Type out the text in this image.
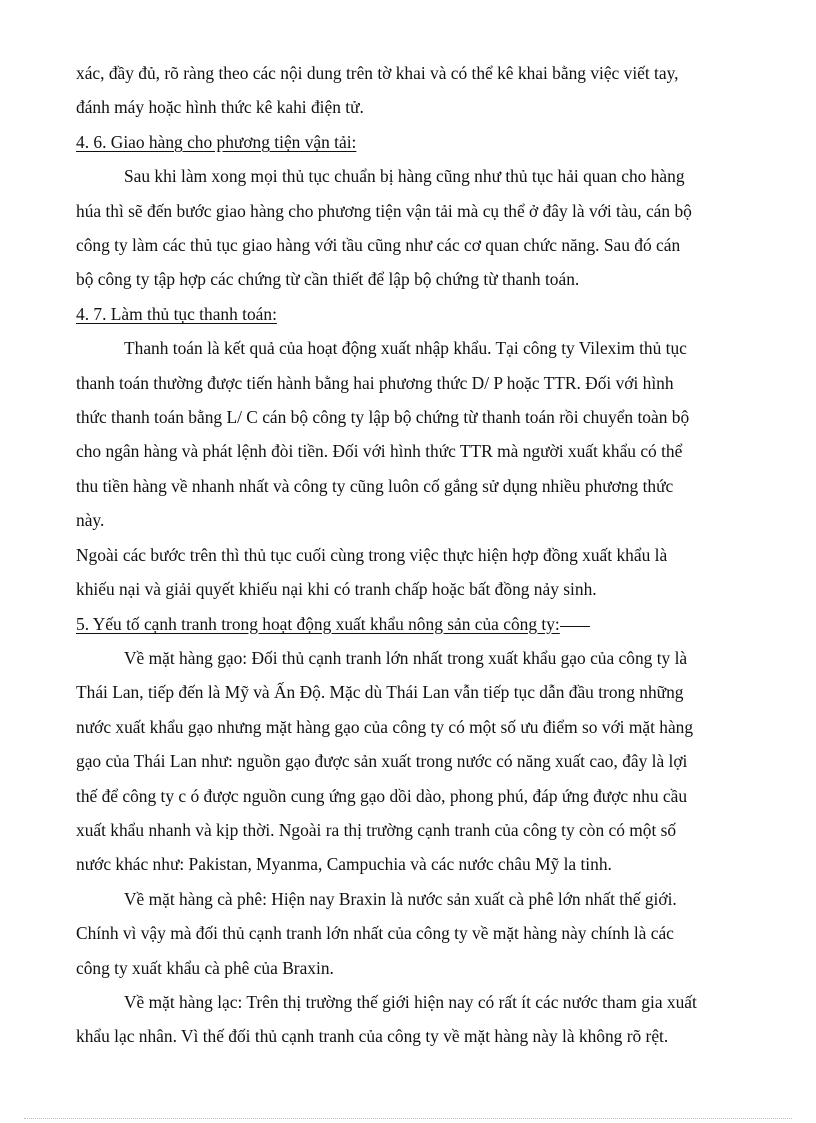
xác, đầy đủ, rõ ràng theo các nội dung trên tờ khai và có thể kê khai bằng việc viết tay,
đánh máy hoặc hình thức kê kahi điện tử.
4. 6. Giao hàng cho phương tiện vận tải:
Sau khi làm xong mọi thủ tục chuẩn bị hàng cũng như thủ tục hải quan cho hàng
húa thì sẽ đến bước giao hàng cho phương tiện vận tải mà cụ thể ở đây là với tàu, cán bộ
công ty làm các thủ tục giao hàng với tầu cũng như các cơ quan chức năng. Sau đó cán
bộ công ty tập hợp các chứng từ cần thiết để lập bộ chứng từ thanh toán.
4. 7. Làm thủ tục thanh toán:
Thanh toán là kết quả của hoạt động xuất nhập khẩu. Tại công ty Vilexim thủ tục
thanh toán thường được tiến hành bằng hai phương thức D/ P hoặc TTR. Đối với hình
thức thanh toán bằng L/ C cán bộ công ty lập bộ chứng từ thanh toán rồi chuyển toàn bộ
cho ngân hàng và phát lệnh đòi tiền. Đối với hình thức TTR mà người xuất khẩu có thể
thu tiền hàng về nhanh nhất và công ty cũng luôn cố gắng sử dụng nhiều phương thức
này.
Ngoài các bước trên thì thủ tục cuối cùng trong việc thực hiện hợp đồng xuất khẩu là
khiếu nại và giải quyết khiếu nại khi có tranh chấp hoặc bất đồng nảy sinh.
5. Yếu tố cạnh tranh trong hoạt động xuất khẩu nông sản của công ty:
Về mặt hàng gạo: Đối thủ cạnh tranh lớn nhất trong xuất khẩu gạo của công ty là
Thái Lan, tiếp đến là Mỹ và Ấn Độ. Mặc dù Thái Lan vẫn tiếp tục dẫn đầu trong những
nước xuất khẩu gạo nhưng mặt hàng gạo của công ty có một số ưu điểm so với mặt hàng
gạo của Thái Lan như: nguồn gạo được sản xuất trong nước có năng xuất cao, đây là lợi
thế để công ty c ó được nguồn cung ứng gạo dồi dào, phong phú, đáp ứng được nhu cầu
xuất khẩu nhanh và kịp thời. Ngoài ra thị trường cạnh tranh của công ty còn có một số
nước khác như: Pakistan, Myanma, Campuchia và các nước châu Mỹ la tinh.
Về mặt hàng cà phê: Hiện nay Braxin là nước sản xuất cà phê lớn nhất thế giới.
Chính vì vậy mà đối thủ cạnh tranh lớn nhất của công ty về mặt hàng này chính là các
công ty xuất khẩu cà phê của Braxin.
Về mặt hàng lạc: Trên thị trường thế giới hiện nay có rất ít các nước tham gia xuất
khẩu lạc nhân. Vì thế đối thủ cạnh tranh của công ty về mặt hàng này là không rõ rệt.
